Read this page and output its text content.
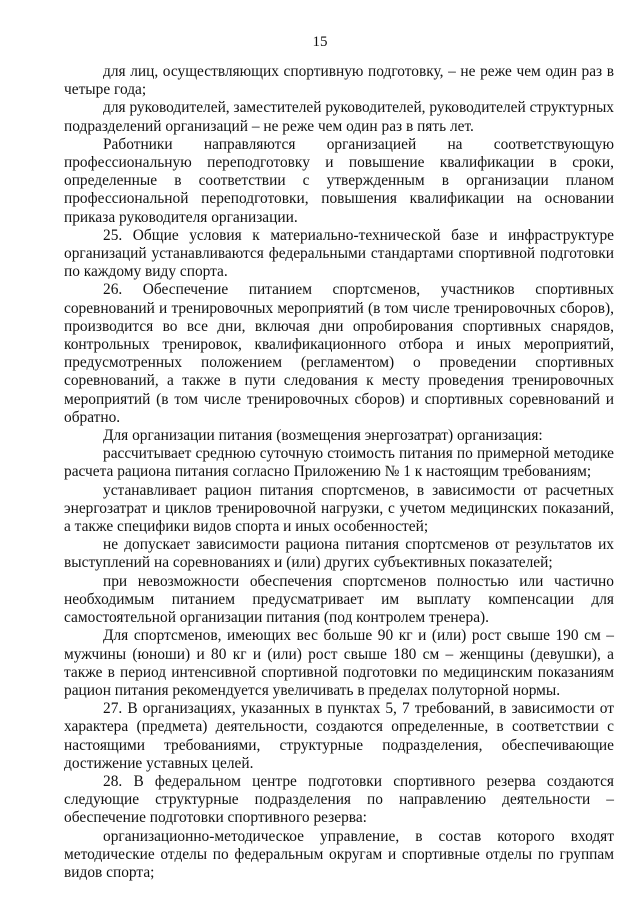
15

для лиц, осуществляющих спортивную подготовку, – не реже чем один раз в четыре года;

для руководителей, заместителей руководителей, руководителей структурных подразделений организаций – не реже чем один раз в пять лет.

Работники направляются организацией на соответствующую профессиональную переподготовку и повышение квалификации в сроки, определенные в соответствии с утвержденным в организации планом профессиональной переподготовки, повышения квалификации на основании приказа руководителя организации.

25. Общие условия к материально-технической базе и инфраструктуре организаций устанавливаются федеральными стандартами спортивной подготовки по каждому виду спорта.

26. Обеспечение питанием спортсменов, участников спортивных соревнований и тренировочных мероприятий (в том числе тренировочных сборов), производится во все дни, включая дни опробирования спортивных снарядов, контрольных тренировок, квалификационного отбора и иных мероприятий, предусмотренных положением (регламентом) о проведении спортивных соревнований, а также в пути следования к месту проведения тренировочных мероприятий (в том числе тренировочных сборов) и спортивных соревнований и обратно.

Для организации питания (возмещения энергозатрат) организация:

рассчитывает среднюю суточную стоимость питания по примерной методике расчета рациона питания согласно Приложению № 1 к настоящим требованиям;

устанавливает рацион питания спортсменов, в зависимости от расчетных энергозатрат и циклов тренировочной нагрузки, с учетом медицинских показаний, а также специфики видов спорта и иных особенностей;

не допускает зависимости рациона питания спортсменов от результатов их выступлений на соревнованиях и (или) других субъективных показателей;

при невозможности обеспечения спортсменов полностью или частично необходимым питанием предусматривает им выплату компенсации для самостоятельной организации питания (под контролем тренера).

Для спортсменов, имеющих вес больше 90 кг и (или) рост свыше 190 см – мужчины (юноши) и 80 кг и (или) рост свыше 180 см – женщины (девушки), а также в период интенсивной спортивной подготовки по медицинским показаниям рацион питания рекомендуется увеличивать в пределах полуторной нормы.

27. В организациях, указанных в пунктах 5, 7 требований, в зависимости от характера (предмета) деятельности, создаются определенные, в соответствии с настоящими требованиями, структурные подразделения, обеспечивающие достижение уставных целей.

28. В федеральном центре подготовки спортивного резерва создаются следующие структурные подразделения по направлению деятельности – обеспечение подготовки спортивного резерва:

организационно-методическое управление, в состав которого входят методические отделы по федеральным округам и спортивные отделы по группам видов спорта;
